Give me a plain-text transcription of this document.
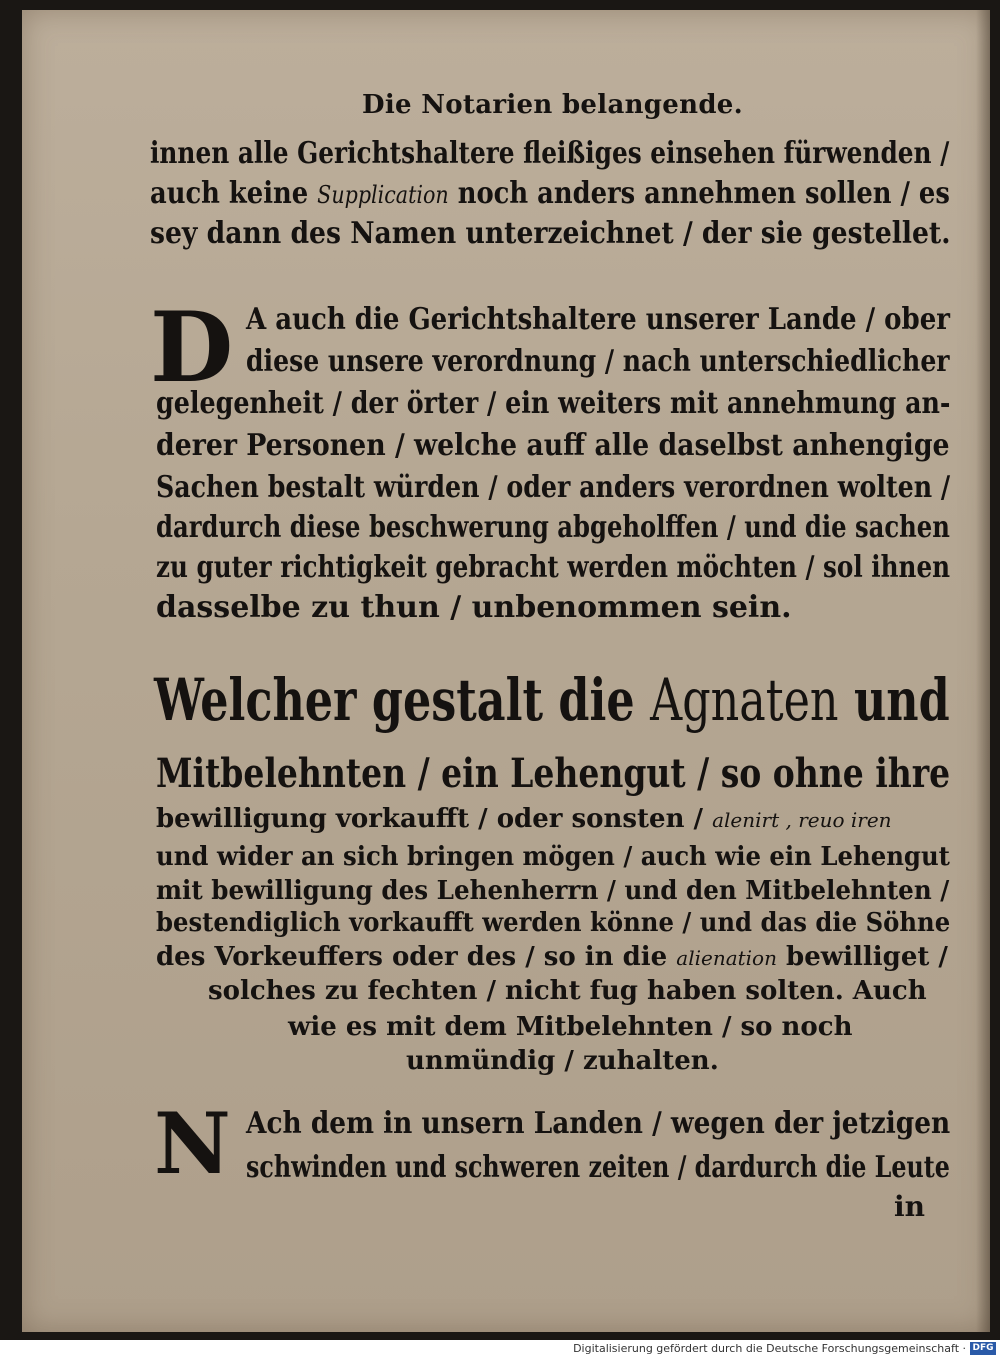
Die Notarien belangende.
innen alle Gerichtshaltere fleißiges einsehen fürwenden /
auch keine Supplication noch anders annehmen sollen / es
sey dann des Namen unterzeichnet / der sie gestellet.
D A auch die Gerichtshaltere unserer Lande / ober
diese unsere verordnung / nach unterschiedlicher
gelegenheit / der örter / ein weiters mit annehmung an-
derer Personen / welche auff alle daselbst anhengige
Sachen bestalt würden / oder anders verordnen wolten /
dardurch diese beschwerung abgeholffen / und die sachen
zu guter richtigkeit gebracht werden möchten / sol ihnen
dasselbe zu thun / unbenommen sein.
Welcher gestalt die Agnaten und
Mitbelehnten / ein Lehengut / so ohne ihre
bewilligung vorkaufft / oder sonsten / alenirt , reuo iren
und wider an sich bringen mögen / auch wie ein Lehengut
mit bewilligung des Lehenherrn / und den Mitbelehnten /
bestendiglich vorkaufft werden könne / und das die Söhne
des Vorkeuffers oder des / so in die alienation bewilliget /
solches zu fechten / nicht fug haben solten. Auch
wie es mit dem Mitbelehnten / so noch
unmündig / zuhalten.
N Ach dem in unsern Landen / wegen der jetzigen
schwinden und schweren zeiten / dardurch die Leute
in
Digitalisierung gefördert durch die Deutsche Forschungsgemeinschaft · DFG
